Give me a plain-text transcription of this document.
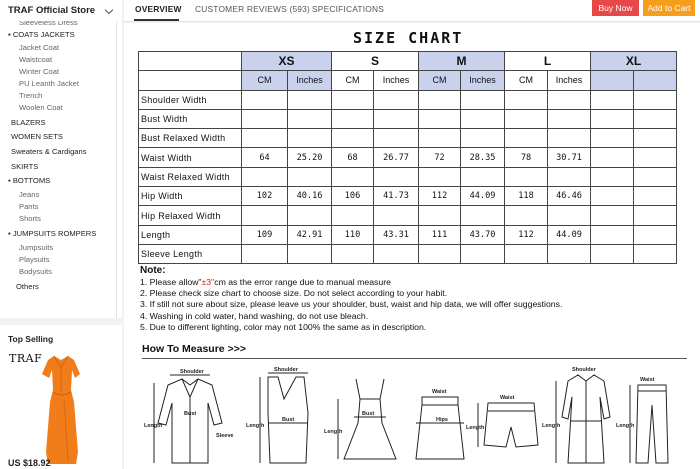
TRAF Official Store
Sleeveless Dress
▪ COATS JACKETS
Jacket Coat
Waistcoat
Winter Coat
PU Leanth Jacket
Trench
Woolen Coat
BLAZERS
WOMEN SETS
Sweaters & Cardigans
SKIRTS
▪ BOTTOMS
Jeans
Pants
Shorts
▪ JUMPSUITS ROMPERS
Jumpsuits
Playsuits
Bodysuits
Others
Top Selling
TRAF
US $18.92
OVERVIEW CUSTOMER REVIEWS (593) SPECIFICATIONS	Buy Now	Add to Cart
SIZE CHART
	XS		S		M		L		XL	
	CM	Inches	CM	Inches	CM	Inches	CM	Inches		
Shoulder Width										
Bust Width										
Bust Relaxed Width										
Waist Width	64	25.20	68	26.77	72	28.35	78	30.71		
Waist Relaxed Width										
Hip Width	102	40.16	106	41.73	112	44.09	118	46.46		
Hip Relaxed Width										
Length	109	42.91	110	43.31	111	43.70	112	44.09		
Sleeve Length										
Note:
1. Please allow"±3"cm as the error range due to manual measure
2. Please check size chart to choose size. Do not select according to your habit.
3. If still not sure about size, please leave us your shoulder, bust, waist and hip data, we will offer suggestions.
4. Washing in cold water, hand washing, do not use bleach.
5. Due to different lighting, color may not 100% the same as in description.
How To Measure >>>
Shoulder
Length
Bust
Sleeve
Shoulder
Bust
Length
Bust
Length
Waist
Hips
Waist
Length
Shoulder
Length
Waist
Length
